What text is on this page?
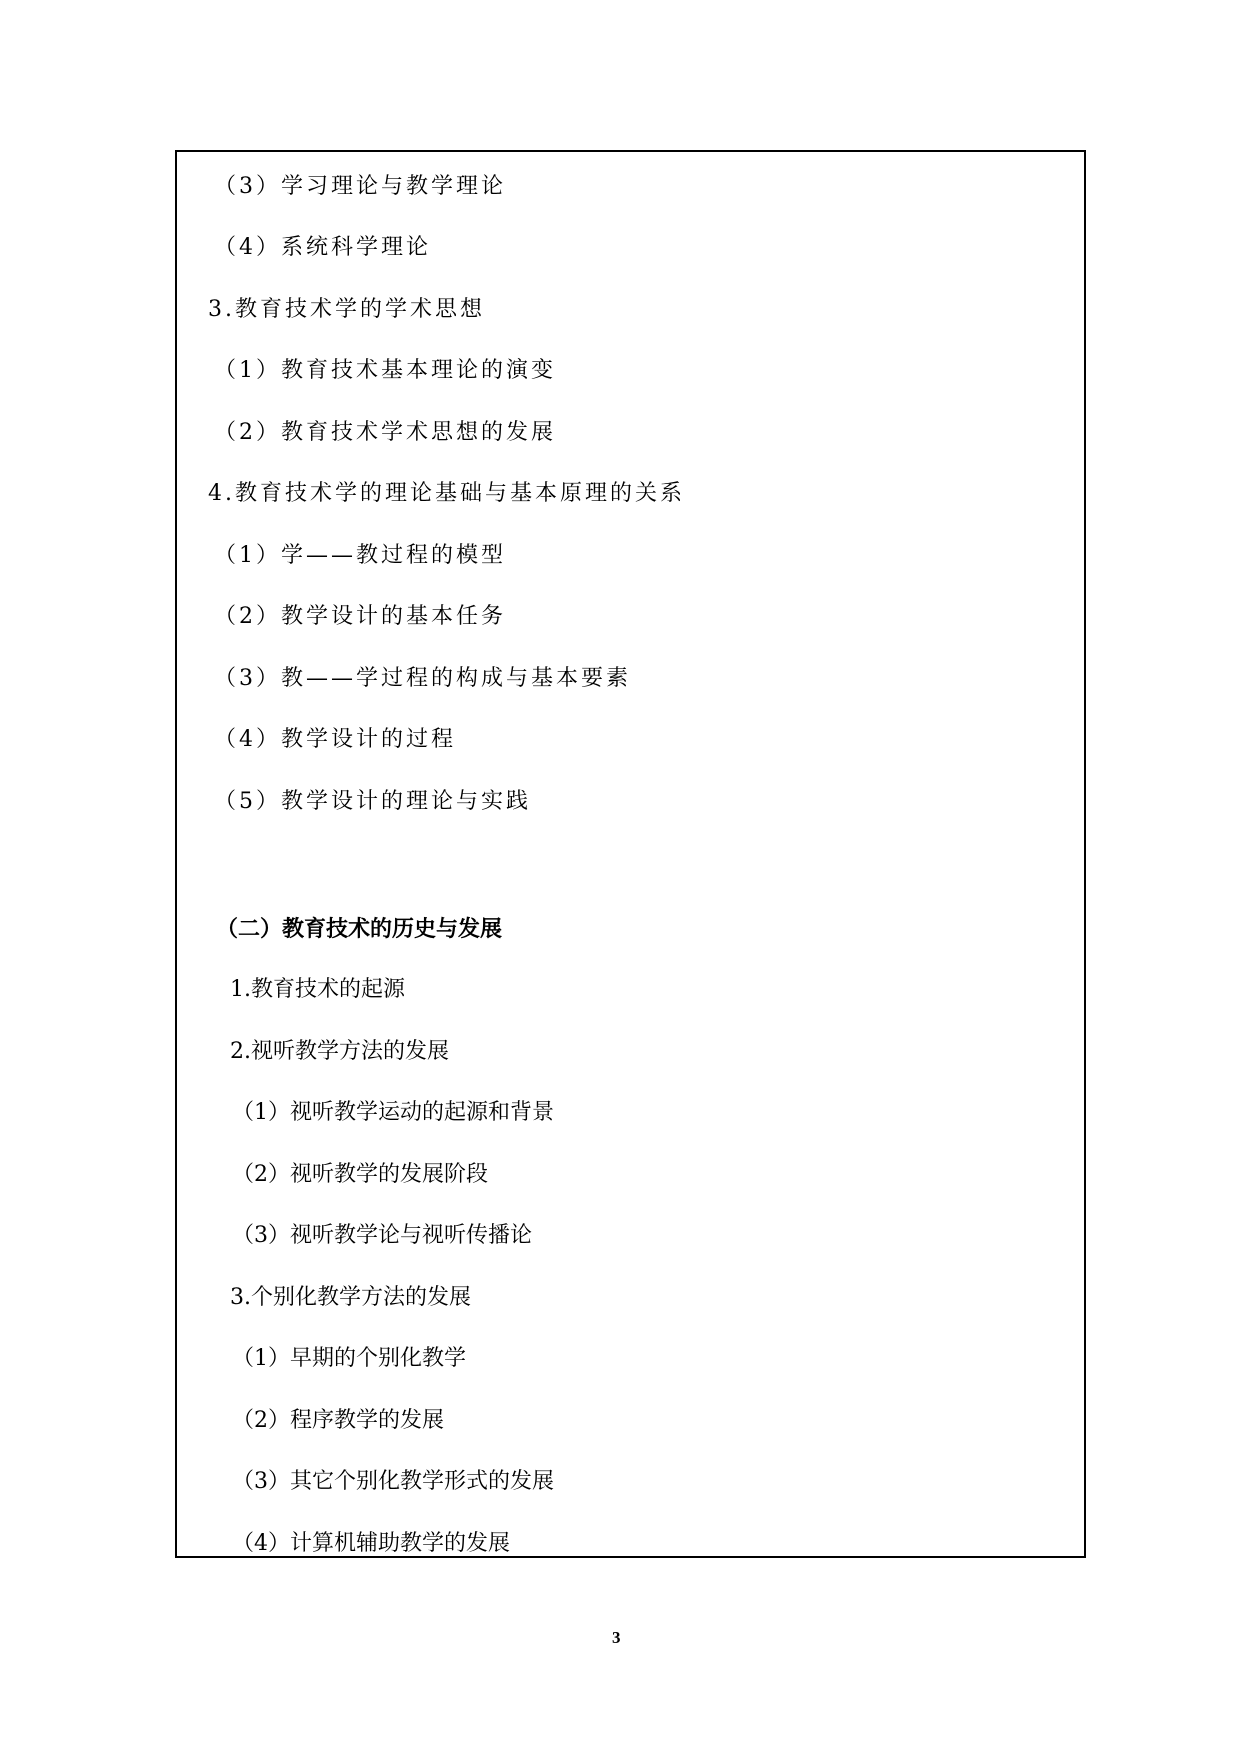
（3）学习理论与教学理论
（4）系统科学理论
3.教育技术学的学术思想
（1）教育技术基本理论的演变
（2）教育技术学术思想的发展
4.教育技术学的理论基础与基本原理的关系
（1）学——教过程的模型
（2）教学设计的基本任务
（3）教——学过程的构成与基本要素
（4）教学设计的过程
（5）教学设计的理论与实践
（二）教育技术的历史与发展
1.教育技术的起源
2.视听教学方法的发展
（1）视听教学运动的起源和背景
（2）视听教学的发展阶段
（3）视听教学论与视听传播论
3.个别化教学方法的发展
（1）早期的个别化教学
（2）程序教学的发展
（3）其它个别化教学形式的发展
（4）计算机辅助教学的发展
3
